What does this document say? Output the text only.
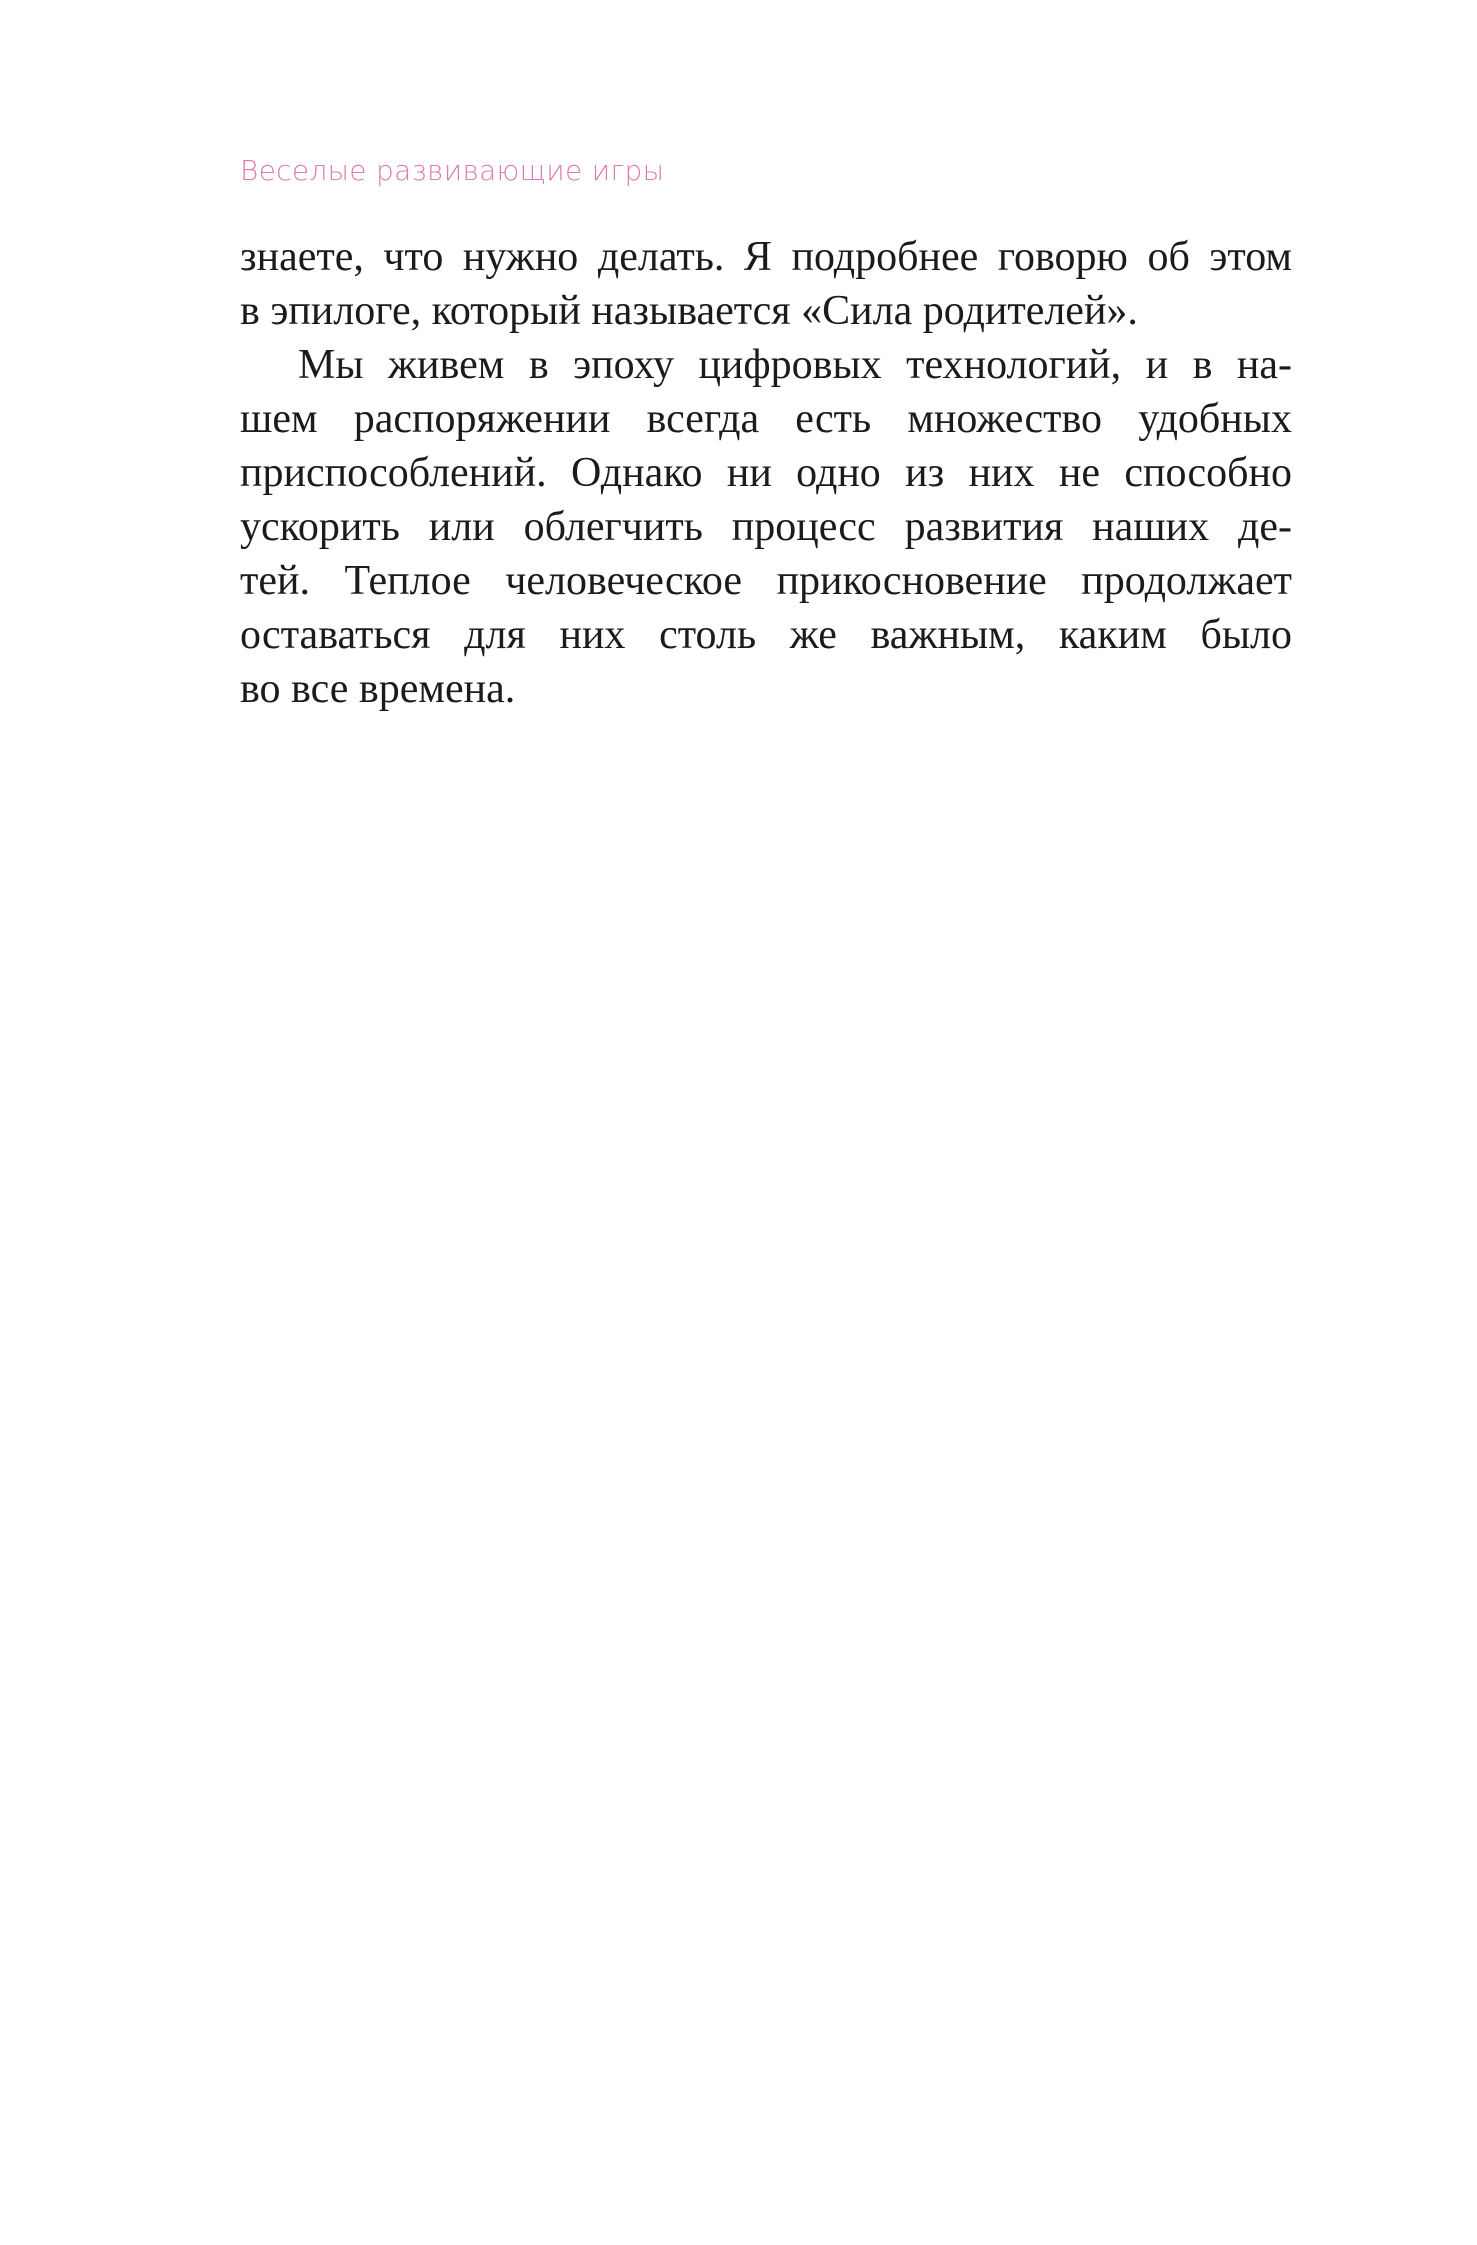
Веселые развивающие игры
знаете, что нужно делать. Я подробнее говорю об этом
в эпилоге, который называется «Сила родителей».
Мы живем в эпоху цифровых технологий, и в на-
шем распоряжении всегда есть множество удобных
приспособлений. Однако ни одно из них не способно
ускорить или облегчить процесс развития наших де-
тей. Теплое человеческое прикосновение продолжает
оставаться для них столь же важным, каким было
во все времена.
